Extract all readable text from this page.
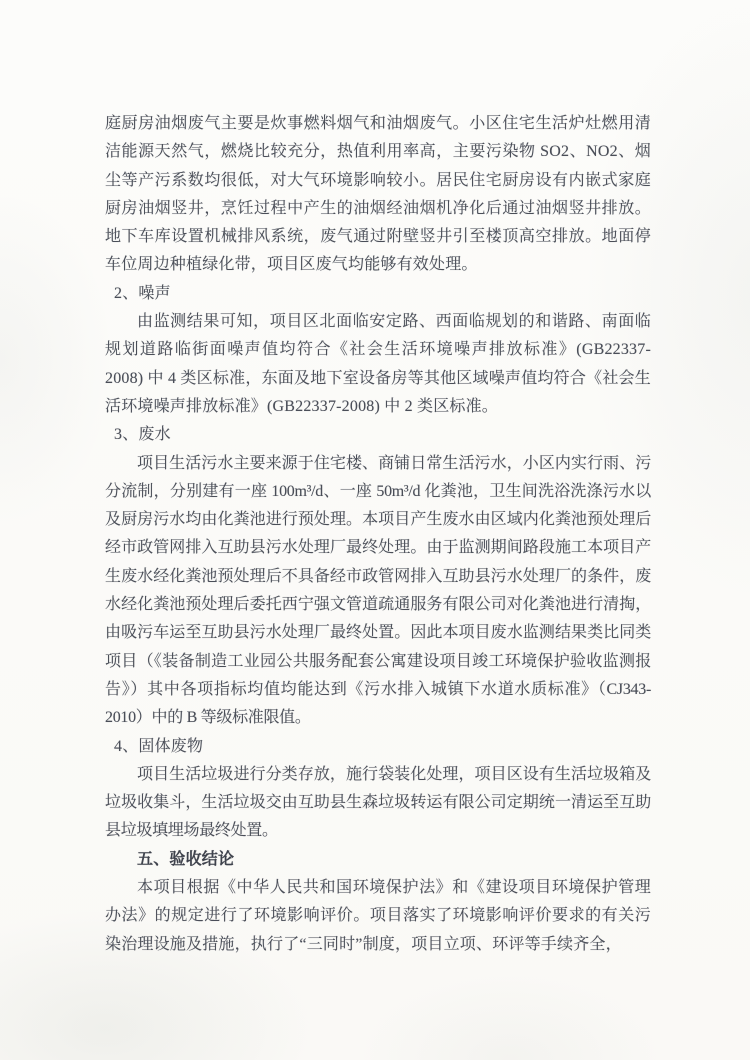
庭厨房油烟废气主要是炊事燃料烟气和油烟废气。小区住宅生活炉灶燃用清洁能源天然气，燃烧比较充分，热值利用率高，主要污染物 SO2、NO2、烟尘等产污系数均很低，对大气环境影响较小。居民住宅厨房设有内嵌式家庭厨房油烟竖井，烹饪过程中产生的油烟经油烟机净化后通过油烟竖井排放。地下车库设置机械排风系统，废气通过附壁竖井引至楼顶高空排放。地面停车位周边种植绿化带，项目区废气均能够有效处理。

2、噪声

由监测结果可知，项目区北面临安定路、西面临规划的和谐路、南面临规划道路临街面噪声值均符合《社会生活环境噪声排放标准》(GB22337-2008) 中 4 类区标准，东面及地下室设备房等其他区域噪声值均符合《社会生活环境噪声排放标准》(GB22337-2008) 中 2 类区标准。

3、废水

项目生活污水主要来源于住宅楼、商铺日常生活污水，小区内实行雨、污分流制，分别建有一座 100m³/d、一座 50m³/d 化粪池，卫生间洗浴洗涤污水以及厨房污水均由化粪池进行预处理。本项目产生废水由区域内化粪池预处理后经市政管网排入互助县污水处理厂最终处理。由于监测期间路段施工本项目产生废水经化粪池预处理后不具备经市政管网排入互助县污水处理厂的条件，废水经化粪池预处理后委托西宁强文管道疏通服务有限公司对化粪池进行清掏，由吸污车运至互助县污水处理厂最终处置。因此本项目废水监测结果类比同类项目（《装备制造工业园公共服务配套公寓建设项目竣工环境保护验收监测报告》）其中各项指标均值均能达到《污水排入城镇下水道水质标准》（CJ343-2010）中的 B 等级标准限值。

4、固体废物

项目生活垃圾进行分类存放，施行袋装化处理，项目区设有生活垃圾箱及垃圾收集斗，生活垃圾交由互助县生森垃圾转运有限公司定期统一清运至互助县垃圾填埋场最终处置。

五、验收结论

本项目根据《中华人民共和国环境保护法》和《建设项目环境保护管理办法》的规定进行了环境影响评价。项目落实了环境影响评价要求的有关污染治理设施及措施，执行了“三同时”制度，项目立项、环评等手续齐全，
